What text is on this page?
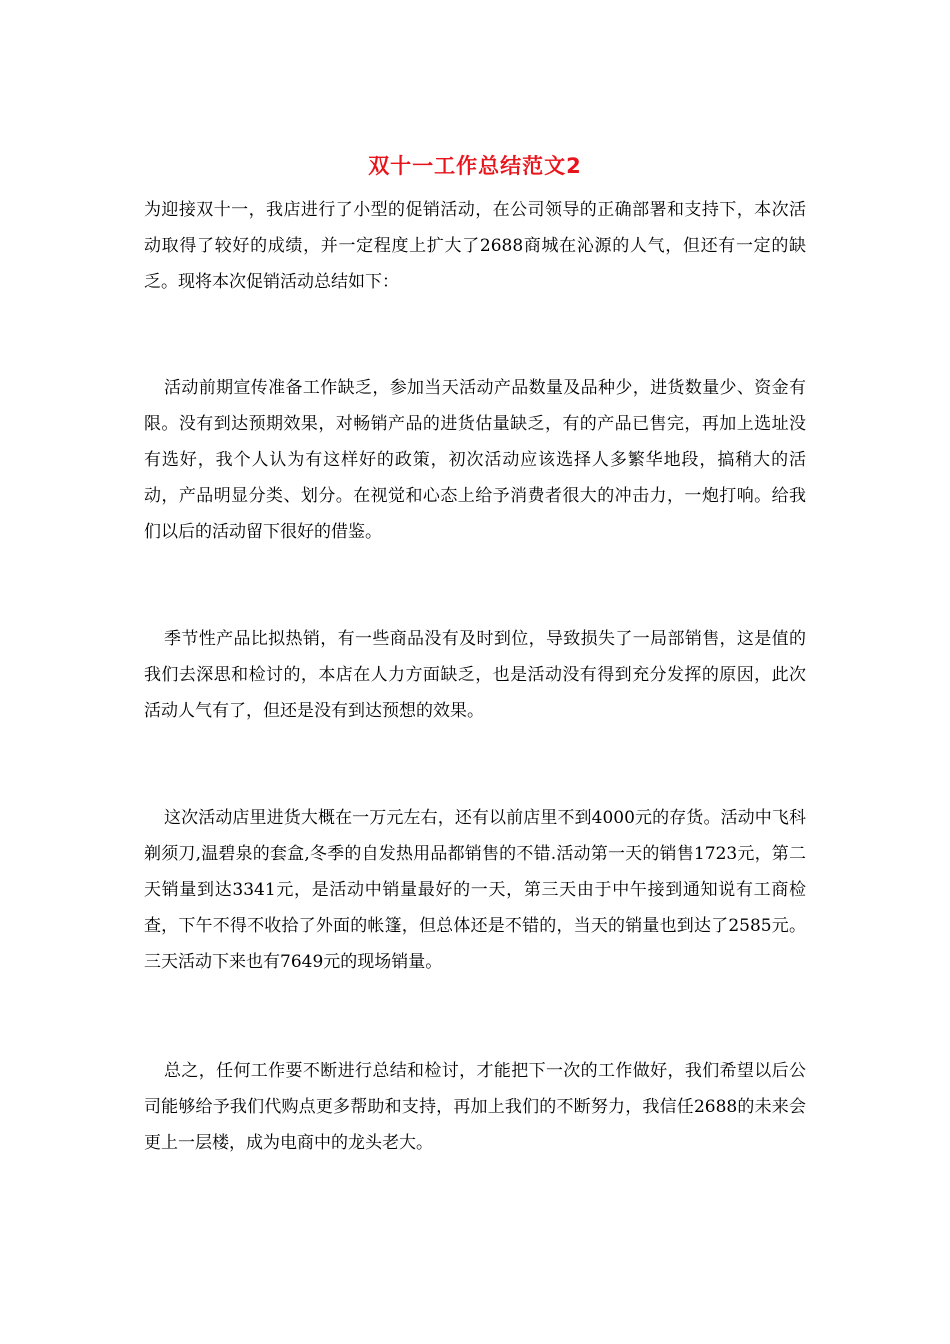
双十一工作总结范文2

为迎接双十一，我店进行了小型的促销活动，在公司领导的正确部署和支持下，本次活动取得了较好的成绩，并一定程度上扩大了2688商城在沁源的人气，但还有一定的缺乏。现将本次促销活动总结如下：

活动前期宣传准备工作缺乏，参加当天活动产品数量及品种少，进货数量少、资金有限。没有到达预期效果，对畅销产品的进货估量缺乏，有的产品已售完，再加上选址没有选好，我个人认为有这样好的政策，初次活动应该选择人多繁华地段，搞稍大的活动，产品明显分类、划分。在视觉和心态上给予消费者很大的冲击力，一炮打响。给我们以后的活动留下很好的借鉴。

季节性产品比拟热销，有一些商品没有及时到位，导致损失了一局部销售，这是值的我们去深思和检讨的，本店在人力方面缺乏，也是活动没有得到充分发挥的原因，此次活动人气有了，但还是没有到达预想的效果。

这次活动店里进货大概在一万元左右，还有以前店里不到4000元的存货。活动中飞科剃须刀,温碧泉的套盒,冬季的自发热用品都销售的不错.活动第一天的销售1723元，第二天销量到达3341元，是活动中销量最好的一天，第三天由于中午接到通知说有工商检查，下午不得不收拾了外面的帐篷，但总体还是不错的，当天的销量也到达了2585元。三天活动下来也有7649元的现场销量。

总之，任何工作要不断进行总结和检讨，才能把下一次的工作做好，我们希望以后公司能够给予我们代购点更多帮助和支持，再加上我们的不断努力，我信任2688的未来会更上一层楼，成为电商中的龙头老大。
